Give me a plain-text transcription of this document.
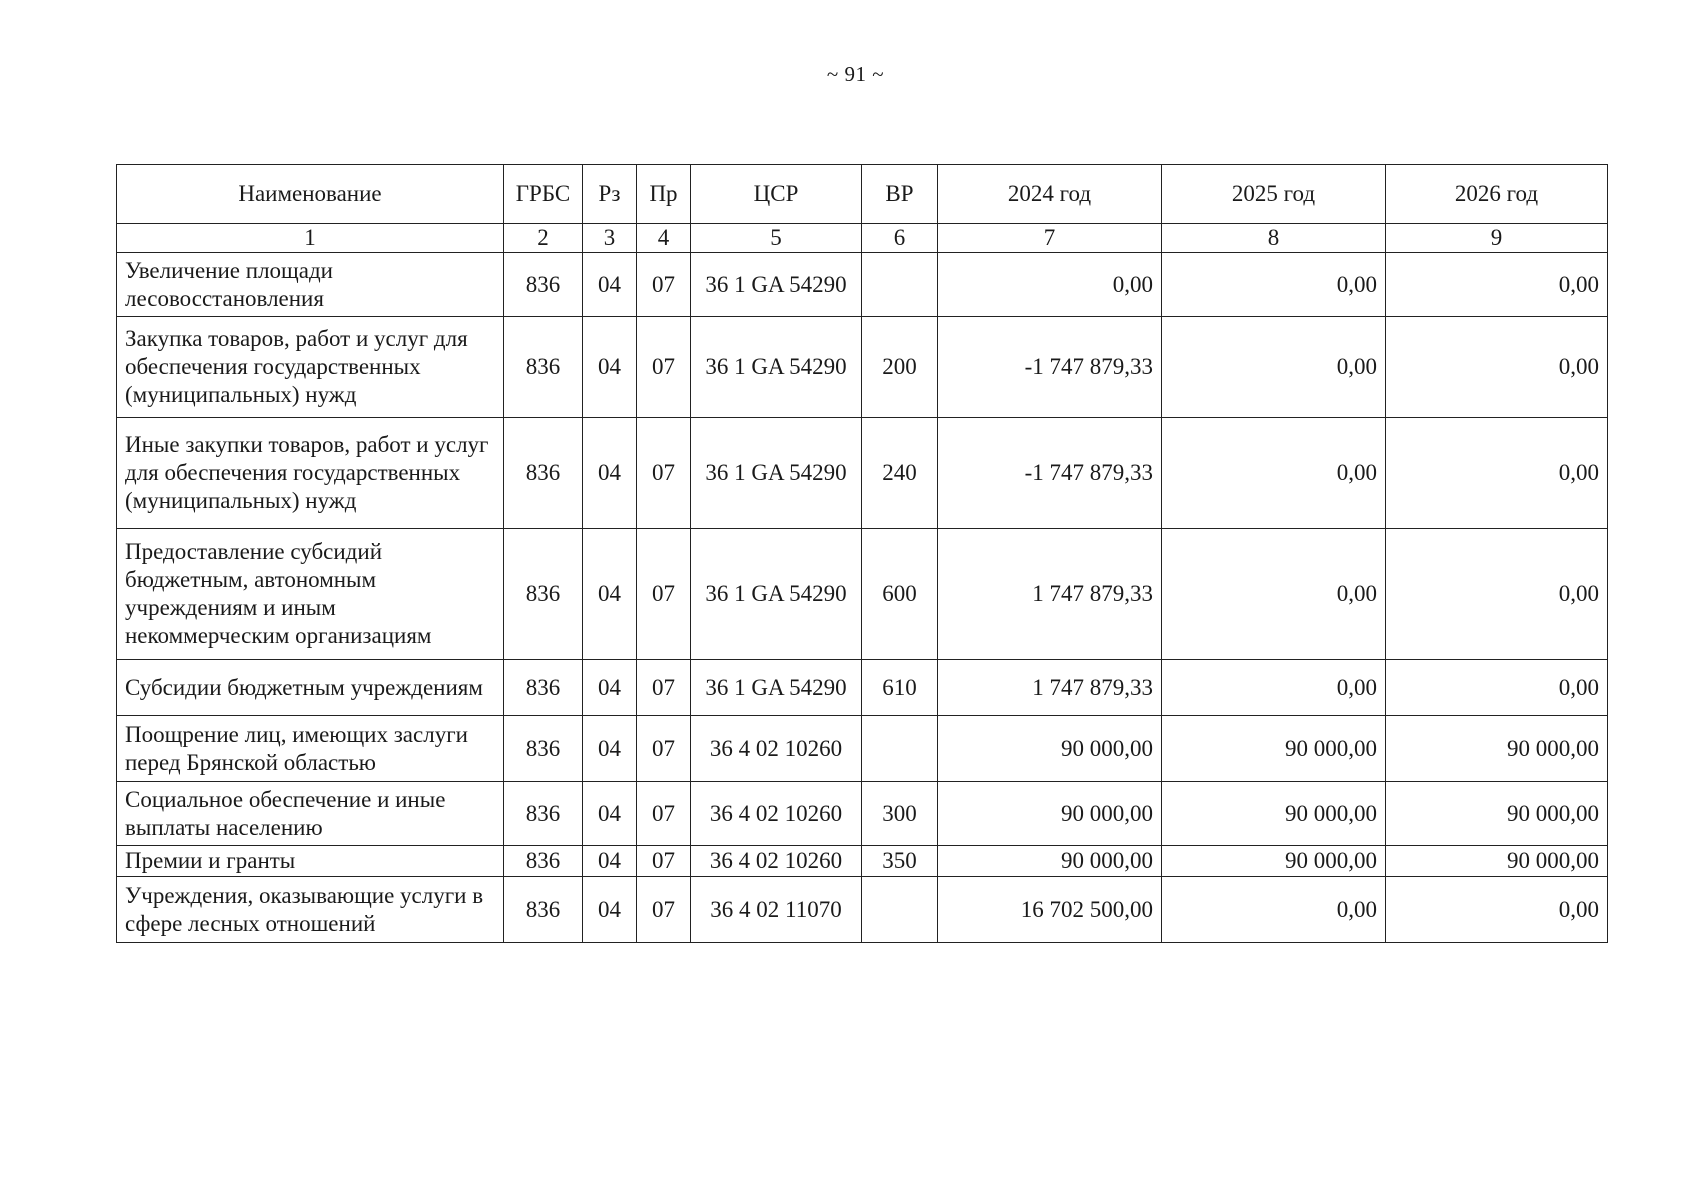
~ 91 ~
Наименование	ГРБС	Рз	Пр	ЦСР	ВР	2024 год	2025 год	2026 год
1	2	3	4	5	6	7	8	9
Увеличение площади лесовосстановления	836	04	07	36 1 GA 54290		0,00	0,00	0,00
Закупка товаров, работ и услуг для обеспечения государственных (муниципальных) нужд	836	04	07	36 1 GA 54290	200	-1 747 879,33	0,00	0,00
Иные закупки товаров, работ и услуг для обеспечения государственных (муниципальных) нужд	836	04	07	36 1 GA 54290	240	-1 747 879,33	0,00	0,00
Предоставление субсидий бюджетным, автономным учреждениям и иным некоммерческим организациям	836	04	07	36 1 GA 54290	600	1 747 879,33	0,00	0,00
Субсидии бюджетным учреждениям	836	04	07	36 1 GA 54290	610	1 747 879,33	0,00	0,00
Поощрение лиц, имеющих заслуги перед Брянской областью	836	04	07	36 4 02 10260		90 000,00	90 000,00	90 000,00
Социальное обеспечение и иные выплаты населению	836	04	07	36 4 02 10260	300	90 000,00	90 000,00	90 000,00
Премии и гранты	836	04	07	36 4 02 10260	350	90 000,00	90 000,00	90 000,00
Учреждения, оказывающие услуги в сфере лесных отношений	836	04	07	36 4 02 11070		16 702 500,00	0,00	0,00
